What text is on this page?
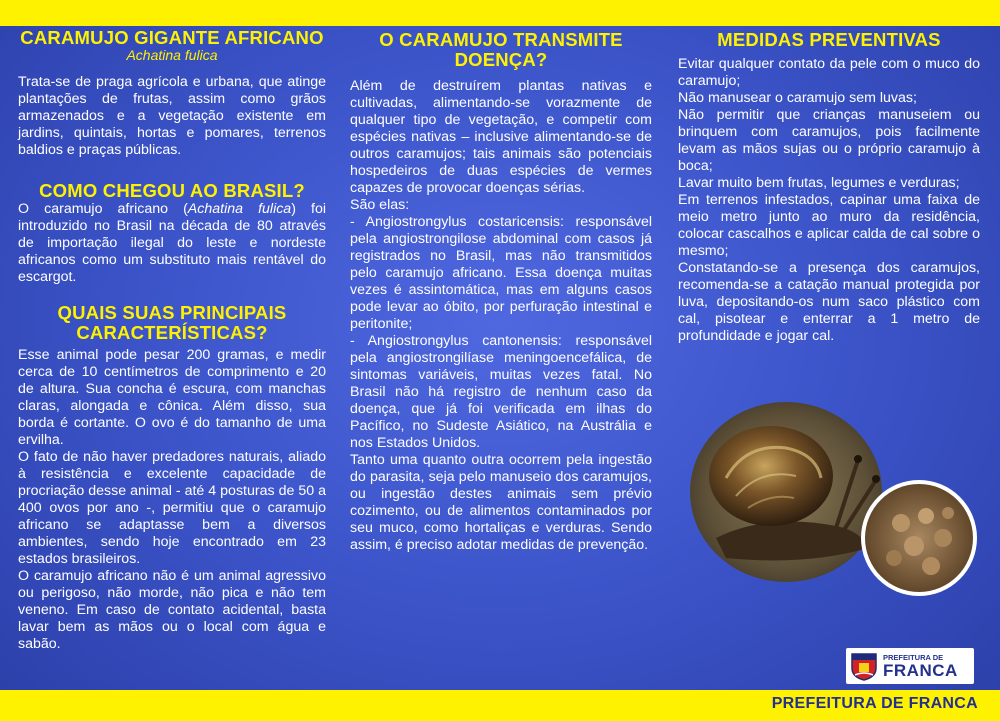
CARAMUJO GIGANTE AFRICANO
Achatina fulica

Trata-se de praga agrícola e urbana, que atinge plantações de frutas, assim como grãos armazenados e a vegetação existente em jardins, quintais, hortas e pomares, terrenos baldios e praças públicas.

COMO CHEGOU AO BRASIL?

O caramujo africano (Achatina fulica) foi introduzido no Brasil na década de 80 através de importação ilegal do leste e nordeste africanos como um substituto mais rentável do escargot.

QUAIS SUAS PRINCIPAIS CARACTERÍSTICAS?

Esse animal pode pesar 200 gramas, e medir cerca de 10 centímetros de comprimento e 20 de altura. Sua concha é escura, com manchas claras, alongada e cônica. Além disso, sua borda é cortante. O ovo é do tamanho de uma ervilha.

O fato de não haver predadores naturais, aliado à resistência e excelente capacidade de procriação desse animal - até 4 posturas de 50 a 400 ovos por ano -, permitiu que o caramujo africano se adaptasse bem a diversos ambientes, sendo hoje encontrado em 23 estados brasileiros.

O caramujo africano não é um animal agressivo ou perigoso, não morde, não pica e não tem veneno. Em caso de contato acidental, basta lavar bem as mãos ou o local com água e sabão.

O CARAMUJO TRANSMITE DOENÇA?

Além de destruírem plantas nativas e cultivadas, alimentando-se vorazmente de qualquer tipo de vegetação, e competir com espécies nativas – inclusive alimentando-se de outros caramujos; tais animais são potenciais hospedeiros de duas espécies de vermes capazes de provocar doenças sérias.

São elas:

- Angiostrongylus costaricensis: responsável pela angiostrongilose abdominal com casos já registrados no Brasil, mas não transmitidos pelo caramujo africano. Essa doença muitas vezes é assintomática, mas em alguns casos pode levar ao óbito, por perfuração intestinal e peritonite;

- Angiostrongylus cantonensis: responsável pela angiostrongilíase meningoencefálica, de sintomas variáveis, muitas vezes fatal. No Brasil não há registro de nenhum caso da doença, que já foi verificada em ilhas do Pacífico, no Sudeste Asiático, na Austrália e nos Estados Unidos.

Tanto uma quanto outra ocorrem pela ingestão do parasita, seja pelo manuseio dos caramujos, ou ingestão destes animais sem prévio cozimento, ou de alimentos contaminados por seu muco, como hortaliças e verduras. Sendo assim, é preciso adotar medidas de prevenção.

MEDIDAS PREVENTIVAS

Evitar qualquer contato da pele com o muco do caramujo;

Não manusear o caramujo sem luvas;

Não permitir que crianças manuseiem ou brinquem com caramujos, pois facilmente levam as mãos sujas ou o próprio caramujo à boca;

Lavar muito bem frutas, legumes e verduras;

Em terrenos infestados, capinar uma faixa de meio metro junto ao muro da residência, colocar cascalhos e aplicar calda de cal sobre o mesmo;

Constatando-se a presença dos caramujos, recomenda-se a catação manual protegida por luva, depositando-os num saco plástico com cal, pisotear e enterrar a 1 metro de profundidade e jogar cal.

PREFEITURA DE
FRANCA
PREFEITURA DE FRANCA
